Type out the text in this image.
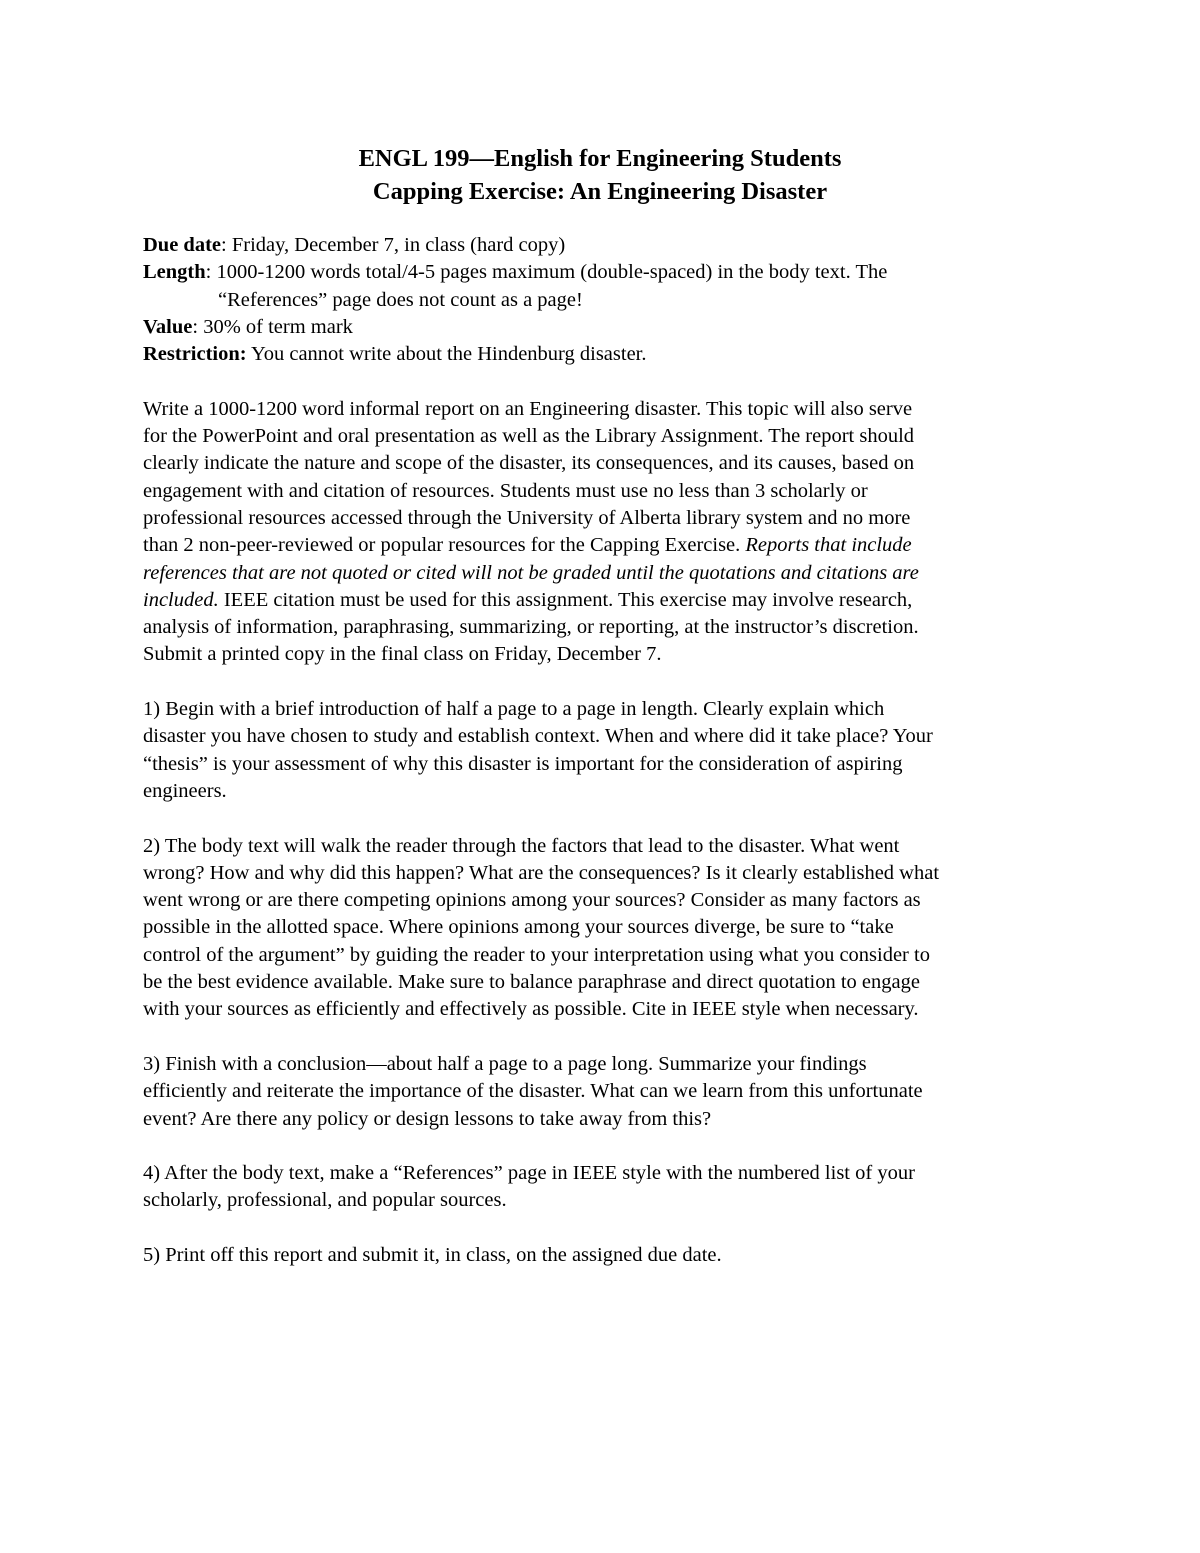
ENGL 199—English for Engineering Students
Capping Exercise: An Engineering Disaster

Due date: Friday, December 7, in class (hard copy)

Length: 1000-1200 words total/4-5 pages maximum (double-spaced) in the body text. The

“References” page does not count as a page!

Value: 30% of term mark

Restriction: You cannot write about the Hindenburg disaster.

Write a 1000-1200 word informal report on an Engineering disaster. This topic will also serve
for the PowerPoint and oral presentation as well as the Library Assignment. The report should
clearly indicate the nature and scope of the disaster, its consequences, and its causes, based on
engagement with and citation of resources. Students must use no less than 3 scholarly or
professional resources accessed through the University of Alberta library system and no more
than 2 non-peer-reviewed or popular resources for the Capping Exercise. Reports that include
references that are not quoted or cited will not be graded until the quotations and citations are
included. IEEE citation must be used for this assignment. This exercise may involve research,
analysis of information, paraphrasing, summarizing, or reporting, at the instructor’s discretion.
Submit a printed copy in the final class on Friday, December 7.

1) Begin with a brief introduction of half a page to a page in length. Clearly explain which
disaster you have chosen to study and establish context. When and where did it take place? Your
“thesis” is your assessment of why this disaster is important for the consideration of aspiring
engineers.

2) The body text will walk the reader through the factors that lead to the disaster. What went
wrong? How and why did this happen? What are the consequences? Is it clearly established what
went wrong or are there competing opinions among your sources? Consider as many factors as
possible in the allotted space. Where opinions among your sources diverge, be sure to “take
control of the argument” by guiding the reader to your interpretation using what you consider to
be the best evidence available. Make sure to balance paraphrase and direct quotation to engage
with your sources as efficiently and effectively as possible. Cite in IEEE style when necessary.

3) Finish with a conclusion—about half a page to a page long. Summarize your findings
efficiently and reiterate the importance of the disaster. What can we learn from this unfortunate
event? Are there any policy or design lessons to take away from this?

4) After the body text, make a “References” page in IEEE style with the numbered list of your
scholarly, professional, and popular sources.

5) Print off this report and submit it, in class, on the assigned due date.
